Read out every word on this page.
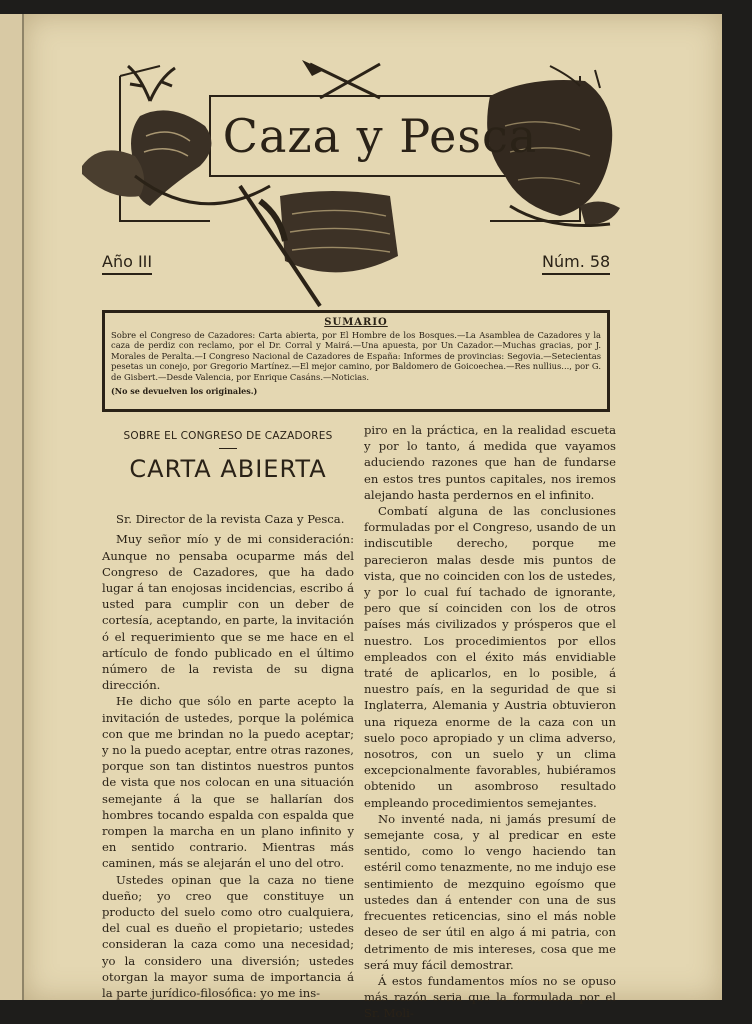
Caza y Pesca
Año III	Núm. 58
SUMARIO

Sobre el Congreso de Cazadores: Carta abierta, por El Hombre de los Bosques.—La Asamblea de Cazadores y la caza de perdiz con reclamo, por el Dr. Corral y Mairá.—Una apuesta, por Un Cazador.—Muchas gracias, por J. Morales de Peralta.—I Congreso Nacional de Cazadores de España: Informes de provincias: Segovia.—Setecientas pesetas un conejo, por Gregorio Martínez.—El mejor camino, por Baldomero de Goicoechea.—Res nullius..., por G. de Gisbert.—Desde Valencia, por Enrique Casáns.—Noticias.

(No se devuelven los originales.)

SOBRE EL CONGRESO DE CAZADORES
CARTA ABIERTA

Sr. Director de la revista Caza y Pesca.

Muy señor mío y de mi consideración: Aunque no pensaba ocuparme más del Congreso de Cazadores, que ha dado lugar á tan enojosas incidencias, escribo á usted para cumplir con un deber de cortesía, aceptando, en parte, la invitación ó el requerimiento que se me hace en el artículo de fondo publicado en el último número de la revista de su digna dirección.

He dicho que sólo en parte acepto la invitación de ustedes, porque la polémica con que me brindan no la puedo aceptar; y no la puedo aceptar, entre otras razones, porque son tan distintos nuestros puntos de vista que nos colocan en una situación semejante á la que se hallarían dos hombres tocando espalda con espalda que rompen la marcha en un plano infinito y en sentido contrario. Mientras más caminen, más se alejarán el uno del otro.

Ustedes opinan que la caza no tiene dueño; yo creo que constituye un producto del suelo como otro cualquiera, del cual es dueño el propietario; ustedes consideran la caza como una necesidad; yo la considero una diversión; ustedes otorgan la mayor suma de importancia á la parte jurídico-filosófica: yo me ins-

piro en la práctica, en la realidad escueta y por lo tanto, á medida que vayamos aduciendo razones que han de fundarse en estos tres puntos capitales, nos iremos alejando hasta perdernos en el infinito.

Combatí alguna de las conclusiones formuladas por el Congreso, usando de un indiscutible derecho, porque me parecieron malas desde mis puntos de vista, que no coinciden con los de ustedes, y por lo cual fuí tachado de ignorante, pero que sí coinciden con los de otros países más civilizados y prósperos que el nuestro. Los procedimientos por ellos empleados con el éxito más envidiable traté de aplicarlos, en lo posible, á nuestro país, en la seguridad de que si Inglaterra, Alemania y Austria obtuvieron una riqueza enorme de la caza con un suelo poco apropiado y un clima adverso, nosotros, con un suelo y un clima excepcionalmente favorables, hubiéramos obtenido un asombroso resultado empleando procedimientos semejantes.

No inventé nada, ni jamás presumí de semejante cosa, y al predicar en este sentido, como lo vengo haciendo tan estéril como tenazmente, no me indujo ese sentimiento de mezquino egoísmo que ustedes dan á entender con una de sus frecuentes reticencias, sino el más noble deseo de ser útil en algo á mi patria, con detrimento de mis intereses, cosa que me será muy fácil demostrar.

Á estos fundamentos míos no se opuso más razón seria que la formulada por el Sr. Moli-
